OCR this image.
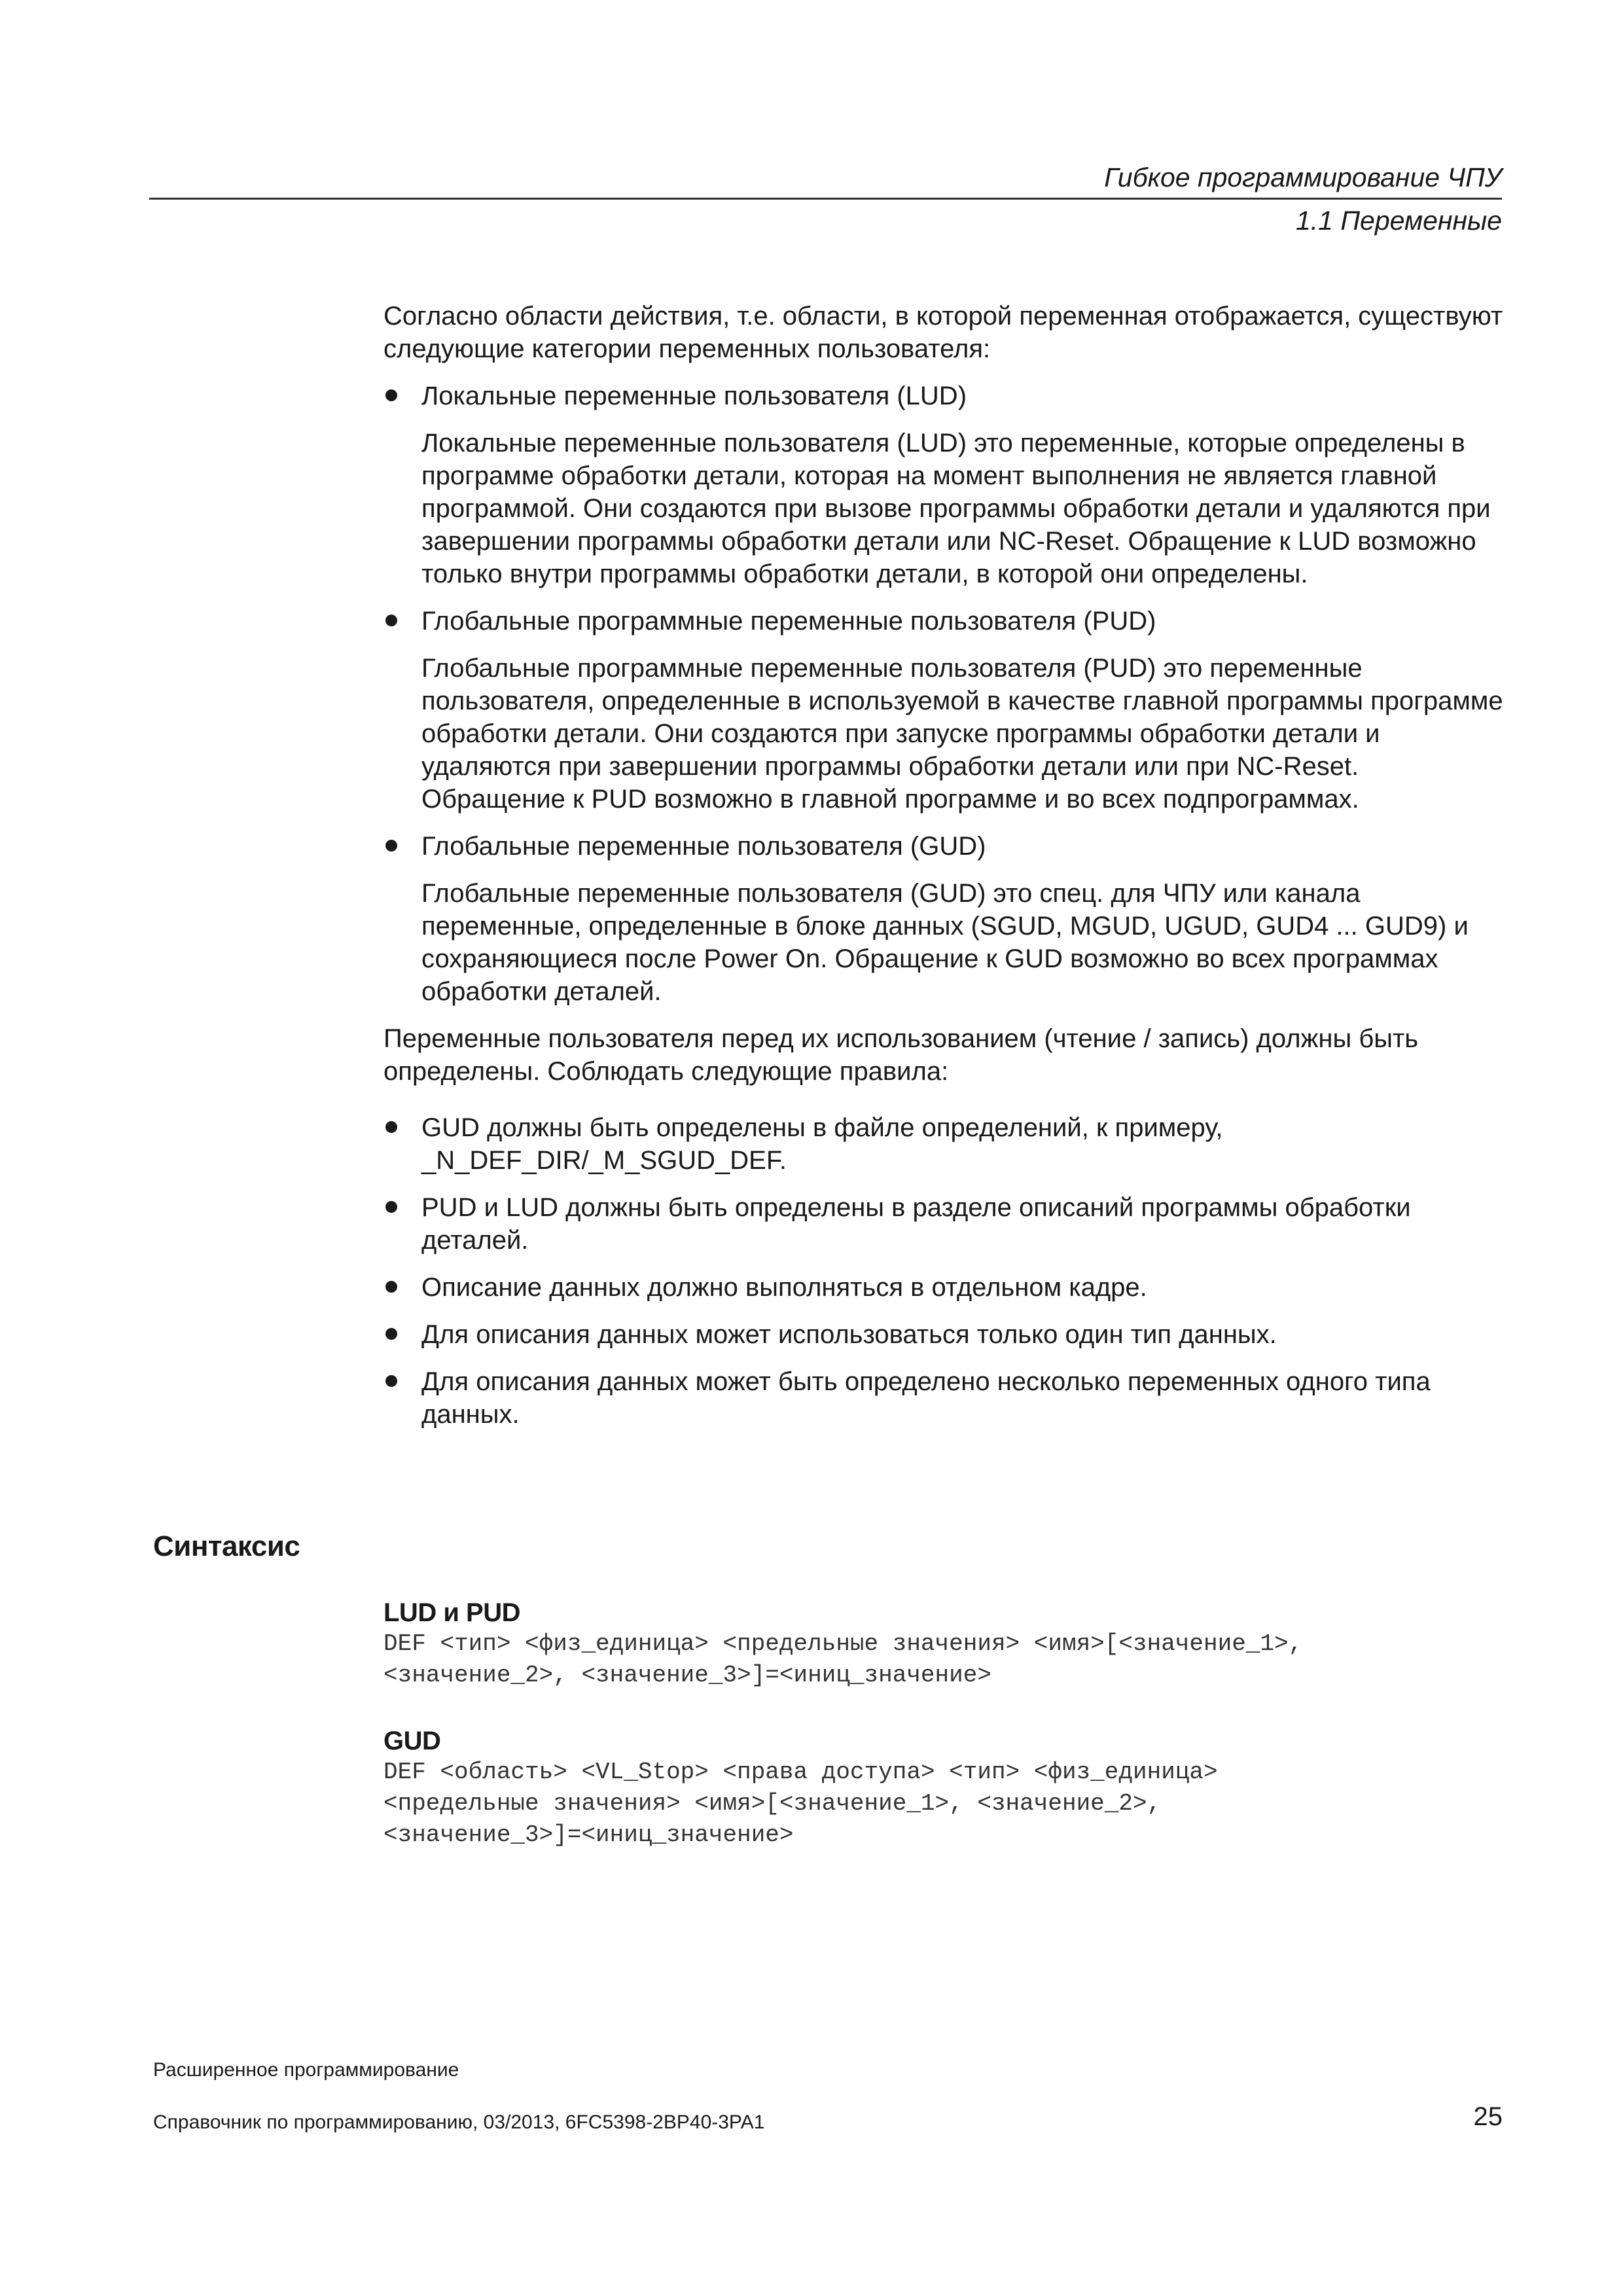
Гибкое программирование ЧПУ
1.1 Переменные

Согласно области действия, т.е. области, в которой переменная отображается, существуют следующие категории переменных пользователя:

Локальные переменные пользователя (LUD)
Локальные переменные пользователя (LUD) это переменные, которые определены в программе обработки детали, которая на момент выполнения не является главной программой. Они создаются при вызове программы обработки детали и удаляются при завершении программы обработки детали или NC-Reset. Обращение к LUD возможно только внутри программы обработки детали, в которой они определены.
Глобальные программные переменные пользователя (PUD)
Глобальные программные переменные пользователя (PUD) это переменные пользователя, определенные в используемой в качестве главной программы программе обработки детали. Они создаются при запуске программы обработки детали и удаляются при завершении программы обработки детали или при NC-Reset. Обращение к PUD возможно в главной программе и во всех подпрограммах.
Глобальные переменные пользователя (GUD)
Глобальные переменные пользователя (GUD) это спец. для ЧПУ или канала переменные, определенные в блоке данных (SGUD, MGUD, UGUD, GUD4 ... GUD9) и сохраняющиеся после Power On. Обращение к GUD возможно во всех программах обработки деталей.

Переменные пользователя перед их использованием (чтение / запись) должны быть определены. Соблюдать следующие правила:

GUD должны быть определены в файле определений, к примеру, _N_DEF_DIR/_M_SGUD_DEF.
PUD и LUD должны быть определены в разделе описаний программы обработки деталей.
Описание данных должно выполняться в отдельном кадре.
Для описания данных может использоваться только один тип данных.
Для описания данных может быть определено несколько переменных одного типа данных.
Синтаксис
LUD и PUD
DEF <тип> <физ_единица> <предельные значения> <имя>[<значение_1>,
<значение_2>, <значение_3>]=<иниц_значение>
GUD
DEF <область> <VL_Stop> <права доступа> <тип> <физ_единица>
<предельные значения> <имя>[<значение_1>, <значение_2>,
<значение_3>]=<иниц_значение>
Расширенное программирование
Справочник по программированию, 03/2013, 6FC5398-2BP40-3PA1	25
